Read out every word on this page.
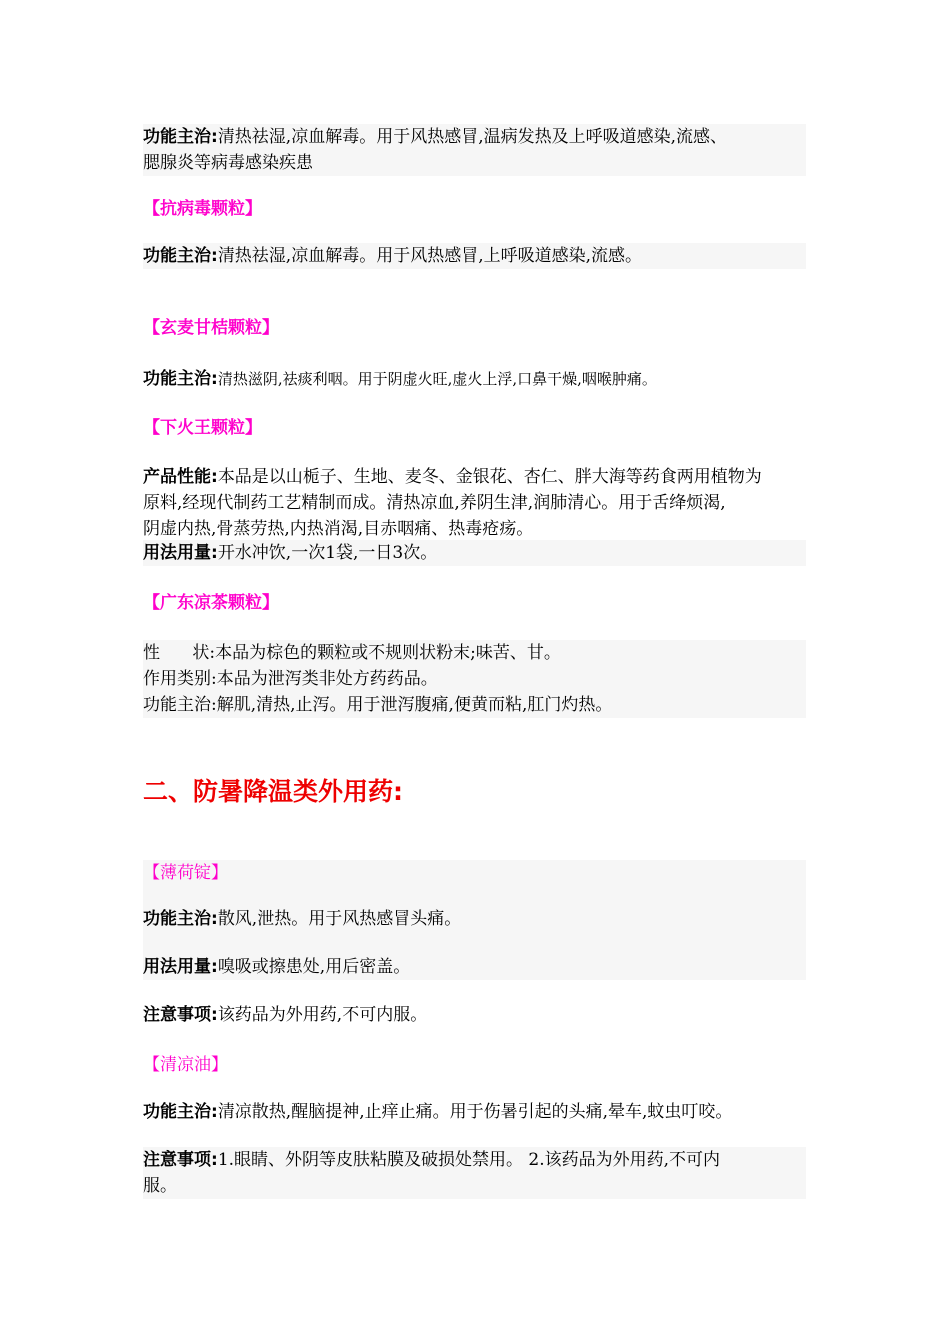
功能主治:清热祛湿,凉血解毒。用于风热感冒,温病发热及上呼吸道感染,流感、
腮腺炎等病毒感染疾患
【抗病毒颗粒】
功能主治:清热祛湿,凉血解毒。用于风热感冒,上呼吸道感染,流感。
【玄麦甘桔颗粒】
功能主治:清热滋阴,祛痰利咽。用于阴虚火旺,虚火上浮,口鼻干燥,咽喉肿痛。
【下火王颗粒】
产品性能:本品是以山栀子、生地、麦冬、金银花、杏仁、胖大海等药食两用植物为
原料,经现代制药工艺精制而成。清热凉血,养阴生津,润肺清心。用于舌绛烦渴,
阴虚内热,骨蒸劳热,内热消渴,目赤咽痛、热毒疮疡。
用法用量:开水冲饮,一次1袋,一日3次。
【广东凉茶颗粒】
性      状:本品为棕色的颗粒或不规则状粉末;味苦、甘。
作用类别:本品为泄泻类非处方药药品。
功能主治:解肌,清热,止泻。用于泄泻腹痛,便黄而粘,肛门灼热。
二、防暑降温类外用药:
【薄荷锭】
功能主治:散风,泄热。用于风热感冒头痛。
用法用量:嗅吸或擦患处,用后密盖。
注意事项:该药品为外用药,不可内服。
【清凉油】
功能主治:清凉散热,醒脑提神,止痒止痛。用于伤暑引起的头痛,晕车,蚊虫叮咬。
注意事项:1.眼睛、外阴等皮肤粘膜及破损处禁用。 2.该药品为外用药,不可内
服。
